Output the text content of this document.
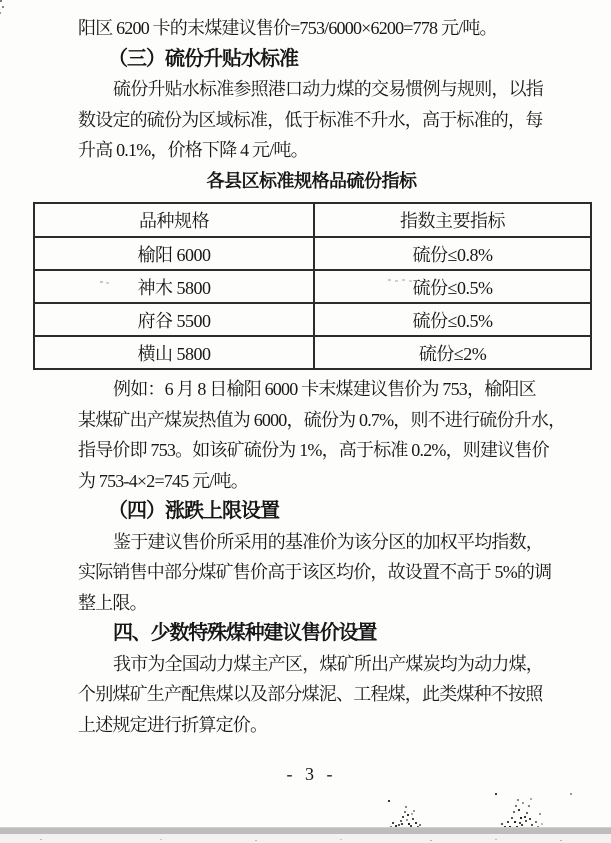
阳区 6200 卡的末煤建议售价=753/6000×6200=778 元/吨。
（三）硫份升贴水标准
硫份升贴水标准参照港口动力煤的交易惯例与规则，以指
数设定的硫份为区域标准，低于标准不升水，高于标准的，每
升高 0.1%，价格下降 4 元/吨。
各县区标准规格品硫份指标
品种规格	指数主要指标
榆阳 6000	硫份≤0.8%
神木 5800	硫份≤0.5%
府谷 5500	硫份≤0.5%
横山 5800	硫份≤2%
例如：6 月 8 日榆阳 6000 卡末煤建议售价为 753，榆阳区
某煤矿出产煤炭热值为 6000，硫份为 0.7%，则不进行硫份升水，
指导价即 753。如该矿硫份为 1%，高于标准 0.2%，则建议售价
为 753-4×2=745 元/吨。
（四）涨跌上限设置
鉴于建议售价所采用的基准价为该分区的加权平均指数，
实际销售中部分煤矿售价高于该区均价，故设置不高于 5%的调
整上限。
四、少数特殊煤种建议售价设置
我市为全国动力煤主产区，煤矿所出产煤炭均为动力煤，
个别煤矿生产配焦煤以及部分煤泥、工程煤，此类煤种不按照
上述规定进行折算定价。
- 3 -
